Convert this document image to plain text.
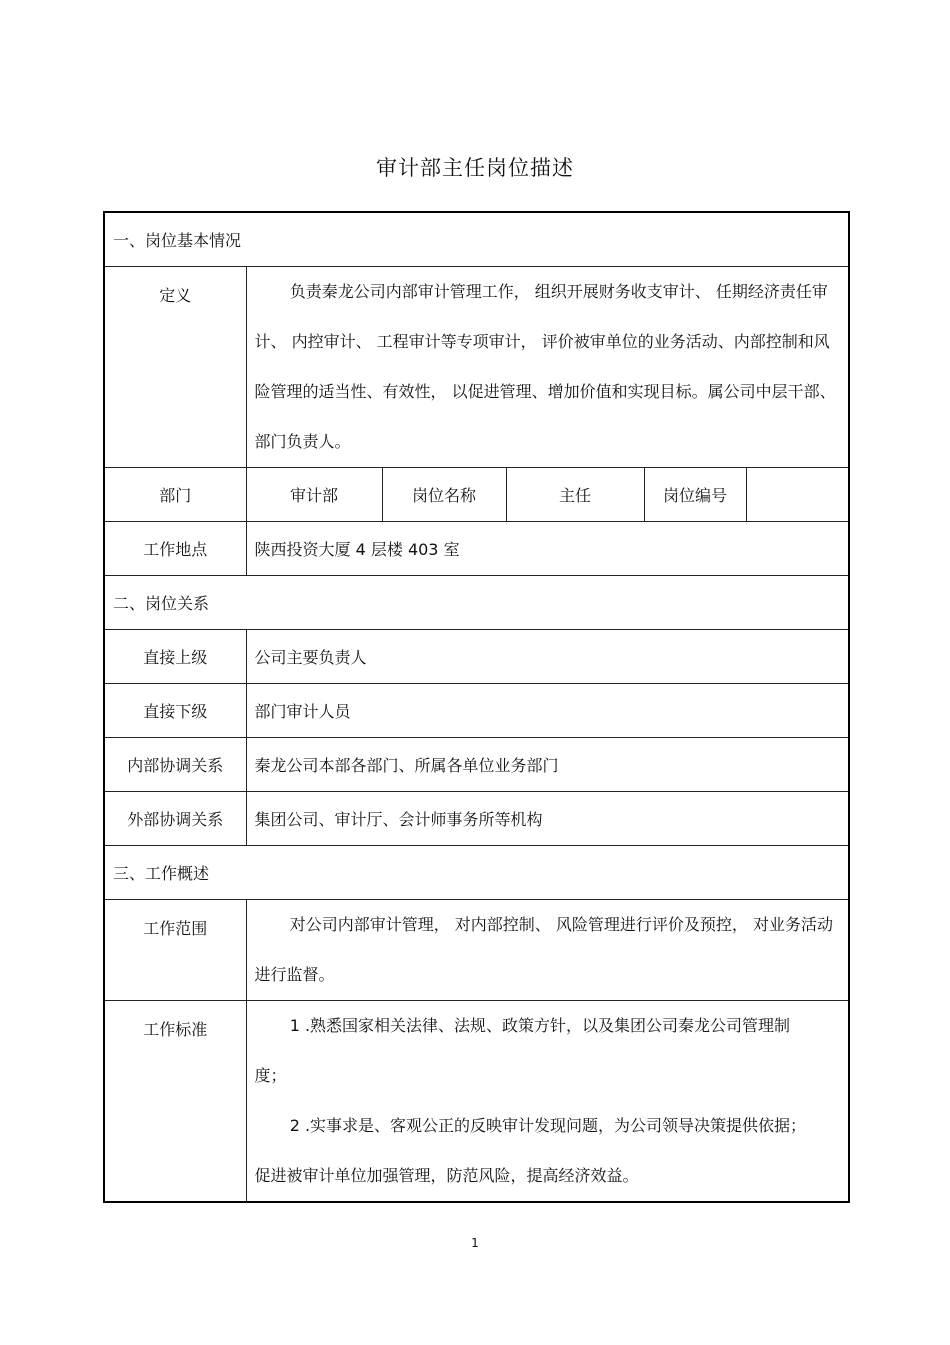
审计部主任岗位描述
一、岗位基本情况					
定义	负责秦龙公司内部审计管理工作， 组织开展财务收支审计、 任期经济责任审计、 内控审计、 工程审计等专项审计， 评价被审单位的业务活动、内部控制和风险管理的适当性、有效性， 以促进管理、增加价值和实现目标。属公司中层干部、部门负责人。				
部门	审计部	岗位名称	主任	岗位编号	
工作地点	陕西投资大厦 4 层楼 403 室				
二、岗位关系					
直接上级	公司主要负责人				
直接下级	部门审计人员				
内部协调关系	秦龙公司本部各部门、所属各单位业务部门				
外部协调关系	集团公司、审计厅、会计师事务所等机构				
三、工作概述					
工作范围	对公司内部审计管理， 对内部控制、 风险管理进行评价及预控， 对业务活动进行监督。				
工作标准	1 .熟悉国家相关法律、法规、政策方针，以及集团公司秦龙公司管理制度；

2 .实事求是、客观公正的反映审计发现问题，为公司领导决策提供依据；促进被审计单位加强管理，防范风险，提高经济效益。				

1
